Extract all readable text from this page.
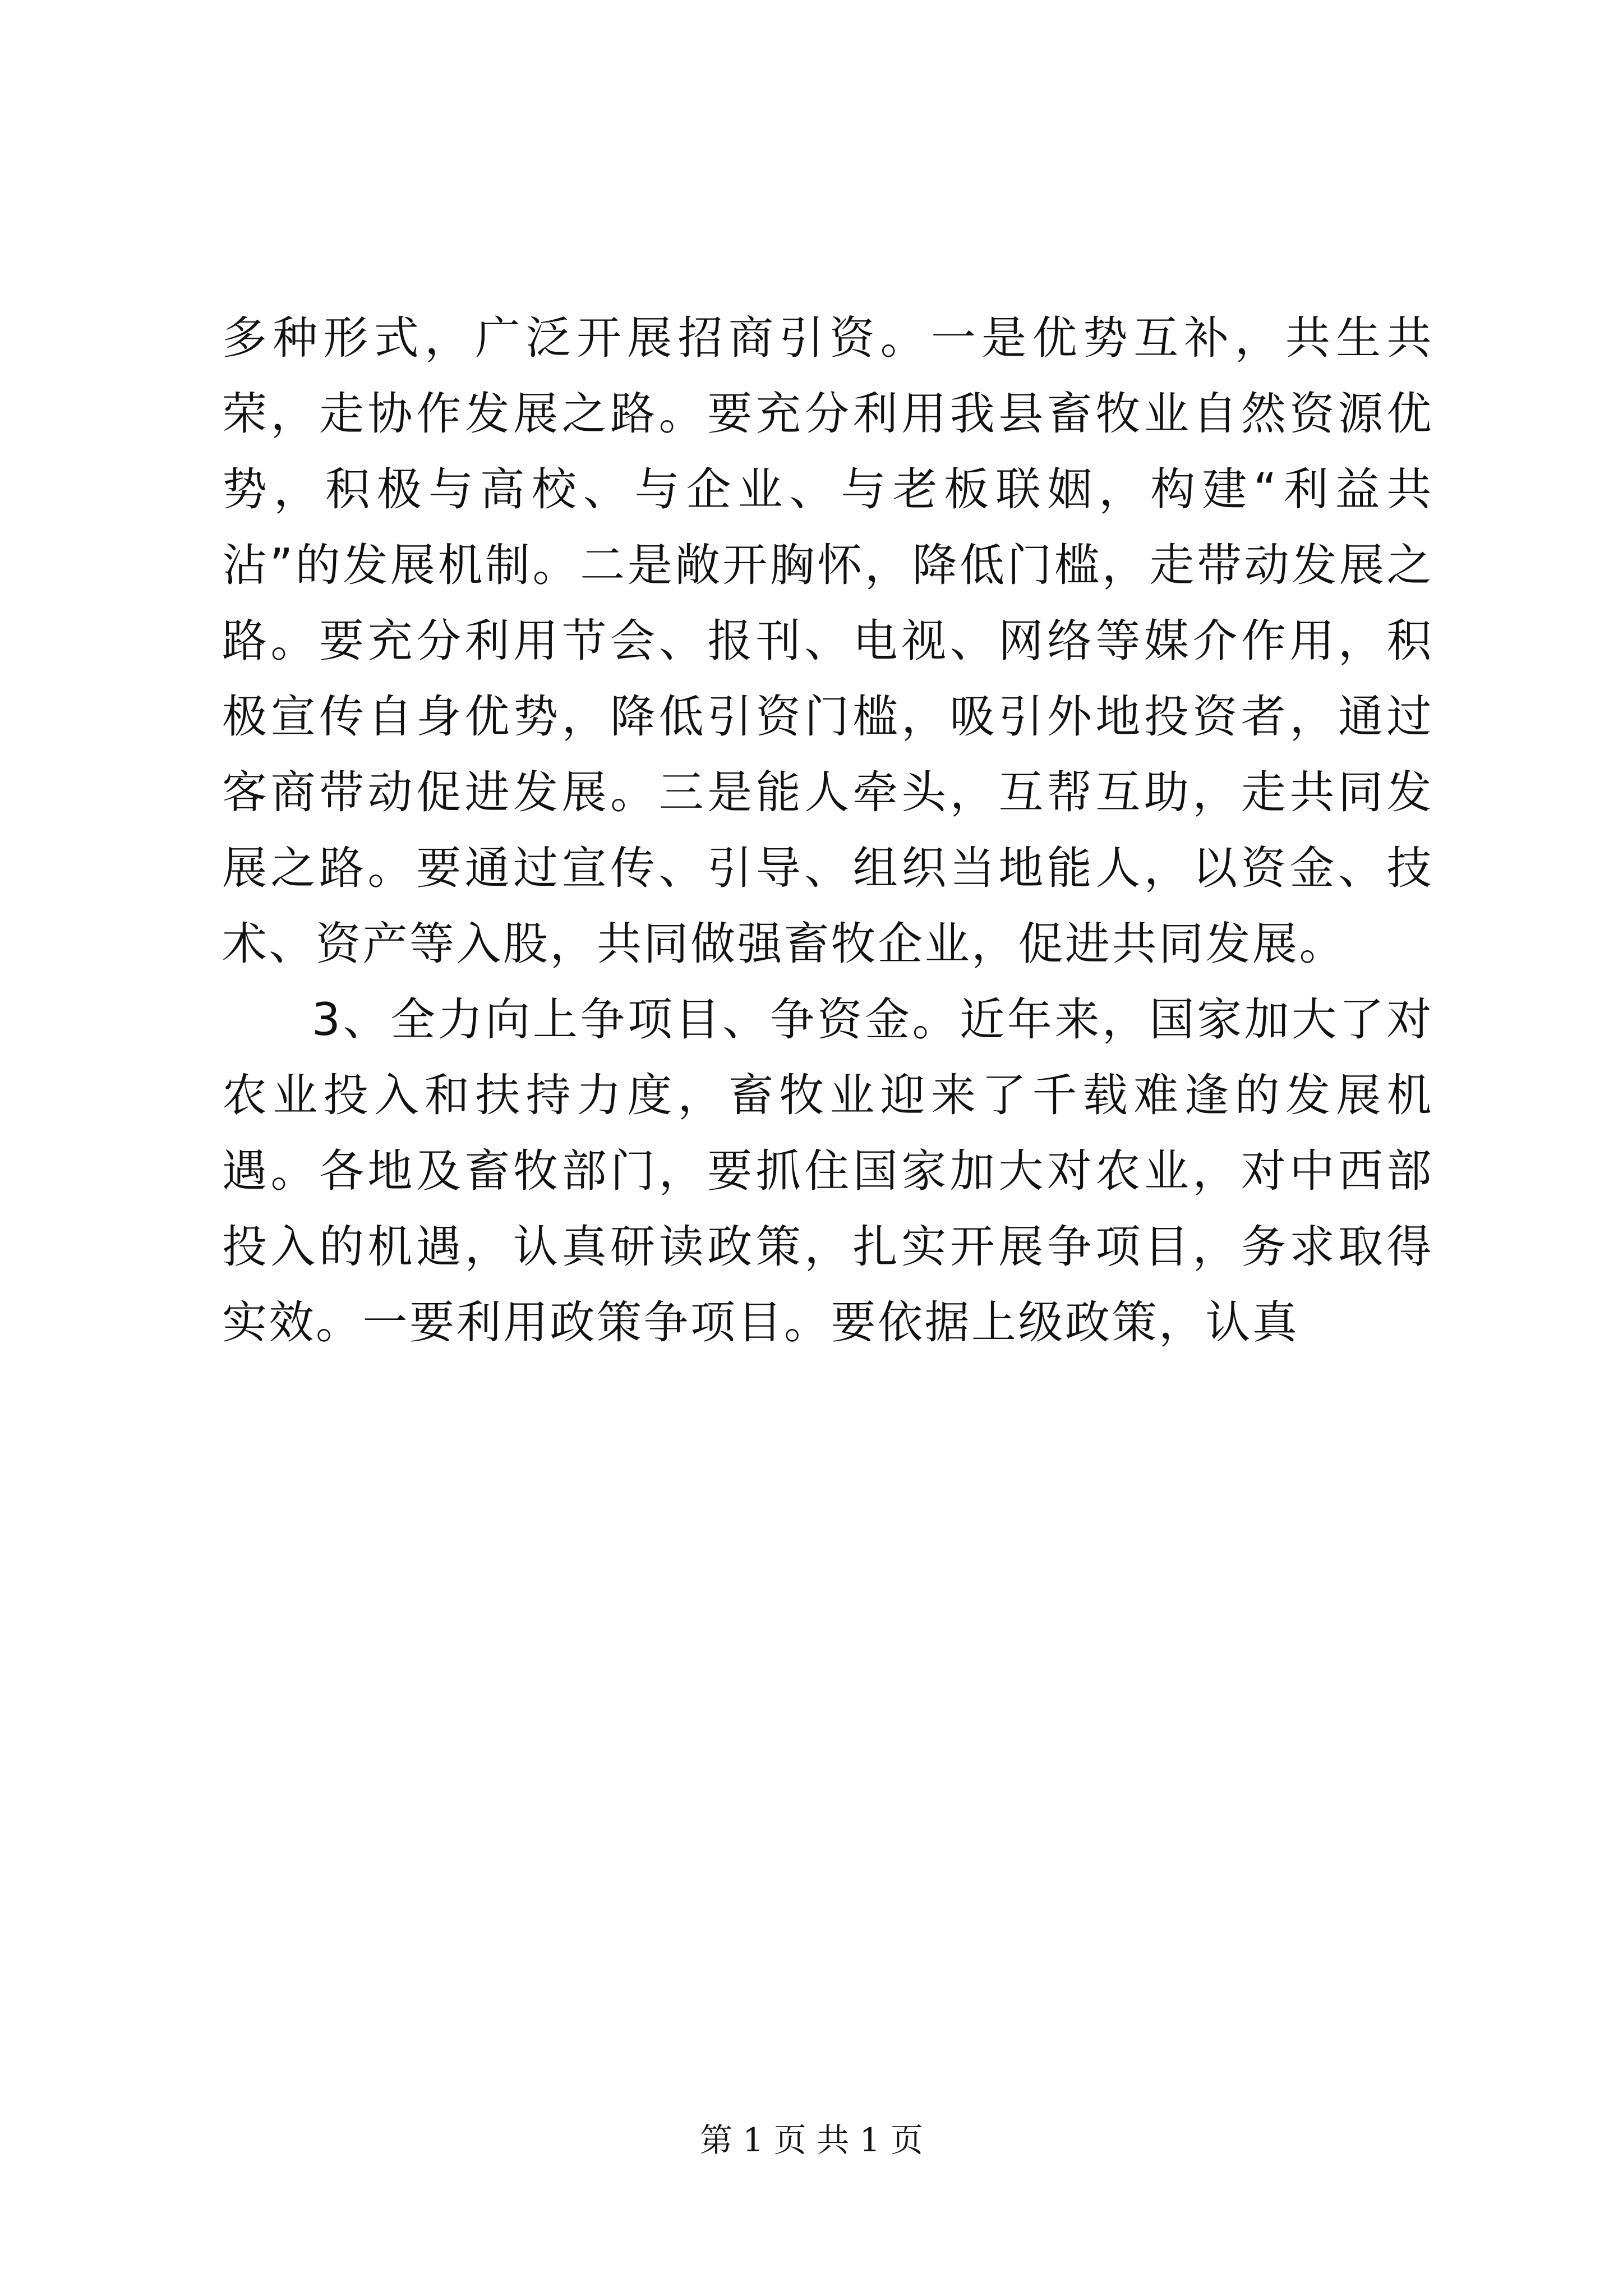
多种形式，广泛开展招商引资。一是优势互补，共生共荣，走协作发展之路。要充分利用我县畜牧业自然资源优势，积极与高校、与企业、与老板联姻，构建“利益共沾”的发展机制。二是敞开胸怀，降低门槛，走带动发展之路。要充分利用节会、报刊、电视、网络等媒介作用，积极宣传自身优势，降低引资门槛，吸引外地投资者，通过客商带动促进发展。三是能人牵头，互帮互助，走共同发展之路。要通过宣传、引导、组织当地能人，以资金、技术、资产等入股，共同做强畜牧企业，促进共同发展。

3、全力向上争项目、争资金。近年来，国家加大了对农业投入和扶持力度，畜牧业迎来了千载难逢的发展机遇。各地及畜牧部门，要抓住国家加大对农业，对中西部投入的机遇，认真研读政策，扎实开展争项目，务求取得实效。一要利用政策争项目。要依据上级政策，认真

第 1 页 共 1 页
